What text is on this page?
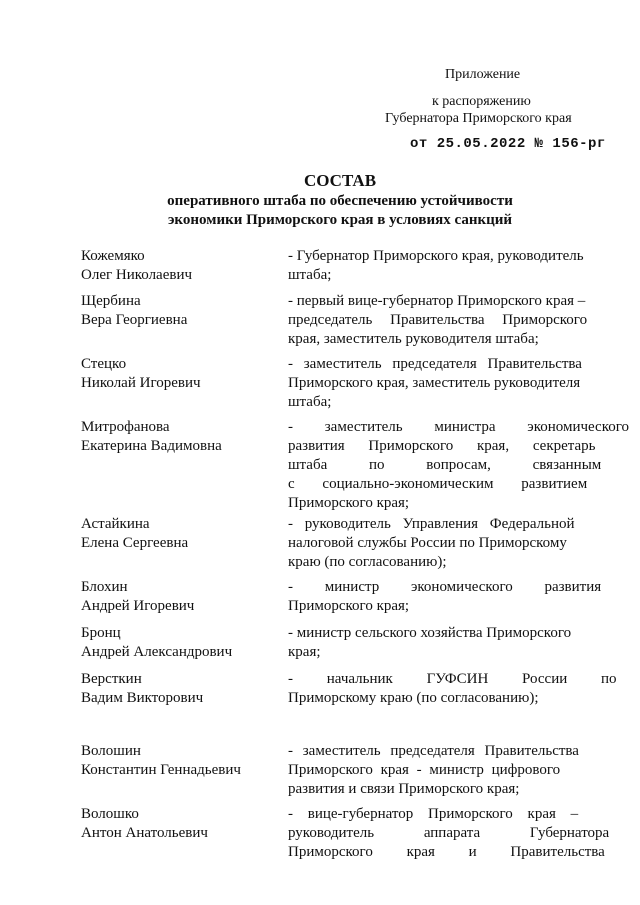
Приложение
к распоряжению
Губернатора Приморского края
от 25.05.2022 № 156-рг
СОСТАВ
оперативного штаба по обеспечению устойчивости
экономики Приморского края в условиях санкций
Кожемяко
Олег Николаевич
- Губернатор Приморского края, руководитель
штаба;
Щербина
Вера Георгиевна
- первый вице-губернатор Приморского края –
председатель Правительства Приморского
края, заместитель руководителя штаба;
Стецко
Николай Игоревич
- заместитель председателя Правительства
Приморского края, заместитель руководителя
штаба;
Митрофанова
Екатерина Вадимовна
- заместитель министра экономического
развития Приморского края, секретарь
штаба по вопросам, связанным
с социально-экономическим развитием
Приморского края;
Астайкина
Елена Сергеевна
- руководитель Управления Федеральной
налоговой службы России по Приморскому
краю (по согласованию);
Блохин
Андрей Игоревич
- министр экономического развития
Приморского края;
Бронц
Андрей Александрович
- министр сельского хозяйства Приморского
края;
Версткин
Вадим Викторович
- начальник ГУФСИН России по
Приморскому краю (по согласованию);
Волошин
Константин Геннадьевич
- заместитель председателя Правительства
Приморского края - министр цифрового
развития и связи Приморского края;
Волошко
Антон Анатольевич
- вице-губернатор Приморского края –
руководитель аппарата Губернатора
Приморского края и Правительства
